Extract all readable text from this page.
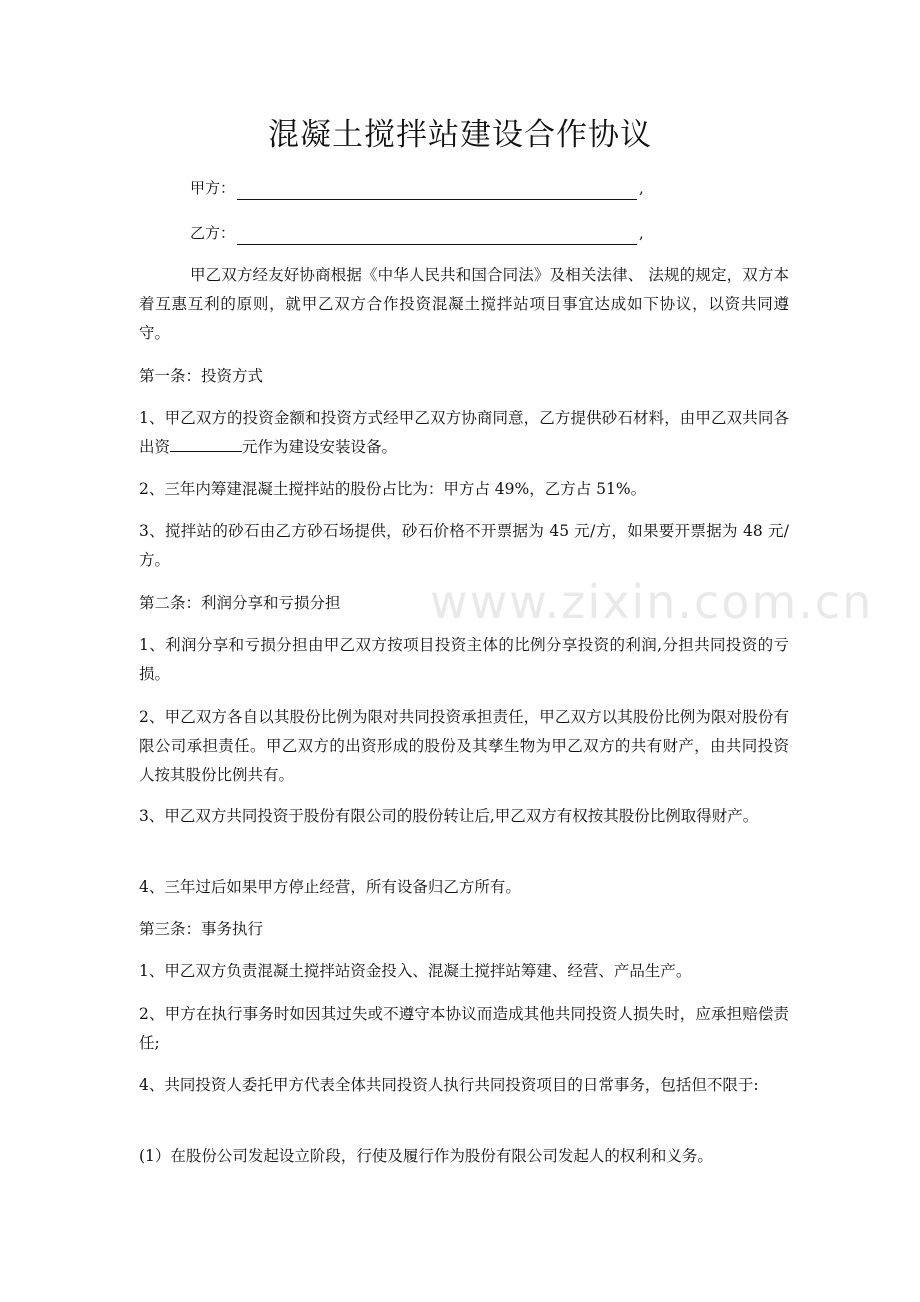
www.zixin.com.cn
混凝土搅拌站建设合作协议
甲方：	,
乙方：	,
甲乙双方经友好协商根据《中华人民共和国合同法》及相关法律、 法规的规定，双方本着互惠互利的原则，就甲乙双方合作投资混凝土搅拌站项目事宜达成如下协议，以资共同遵守。
第一条：投资方式
1、甲乙双方的投资金额和投资方式经甲乙双方协商同意，乙方提供砂石材料，由甲乙双共同各出资	元作为建设安装设备。
2、三年内筹建混凝土搅拌站的股份占比为：甲方占 49%，乙方占 51%。
3、搅拌站的砂石由乙方砂石场提供，砂石价格不开票据为 45 元/方，如果要开票据为 48 元/方。
第二条：利润分享和亏损分担
1、利润分享和亏损分担由甲乙双方按项目投资主体的比例分享投资的利润,分担共同投资的亏损。
2、甲乙双方各自以其股份比例为限对共同投资承担责任，甲乙双方以其股份比例为限对股份有限公司承担责任。甲乙双方的出资形成的股份及其孳生物为甲乙双方的共有财产，由共同投资人按其股份比例共有。
3、甲乙双方共同投资于股份有限公司的股份转让后,甲乙双方有权按其股份比例取得财产。
4、三年过后如果甲方停止经营，所有设备归乙方所有。
第三条：事务执行
1、甲乙双方负责混凝土搅拌站资金投入、混凝土搅拌站筹建、经营、产品生产。
2、甲方在执行事务时如因其过失或不遵守本协议而造成其他共同投资人损失时，应承担赔偿责任;
4、共同投资人委托甲方代表全体共同投资人执行共同投资项目的日常事务，包括但不限于:
(1）在股份公司发起设立阶段，行使及履行作为股份有限公司发起人的权利和义务。
